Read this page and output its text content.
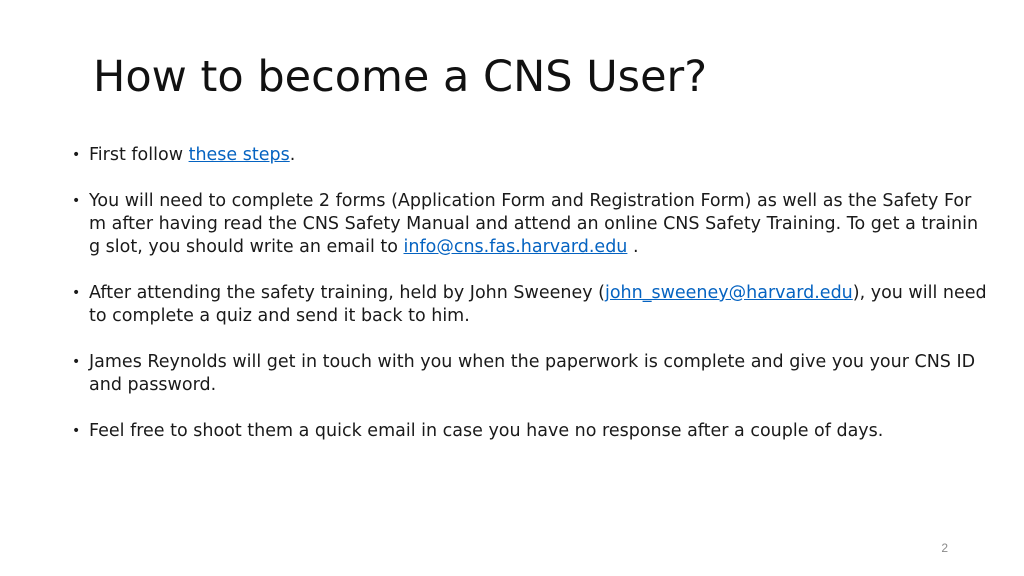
How to become a CNS User?
• First follow these steps.
• You will need to complete 2 forms (Application Form and Registration Form) as well as the Safety Form after having read the CNS Safety Manual and attend an online CNS Safety Training. To get a training slot, you should write an email to info@cns.fas.harvard.edu .
• After attending the safety training, held by John Sweeney (john_sweeney@harvard.edu), you will need to complete a quiz and send it back to him.
• James Reynolds will get in touch with you when the paperwork is complete and give you your CNS ID and password.
• Feel free to shoot them a quick email in case you have no response after a couple of days.
2
